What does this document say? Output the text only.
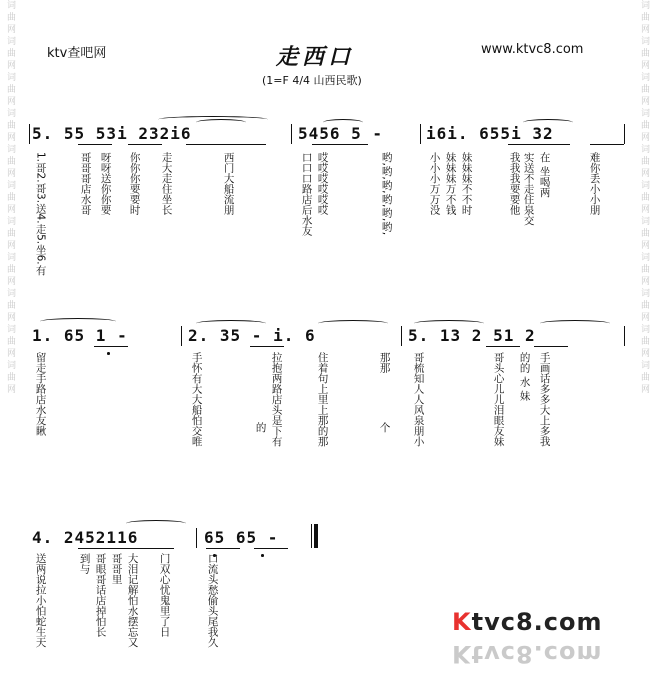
词曲网词曲网词曲网词曲网词曲网词曲网词曲网词曲网词曲网词曲网词曲网	词曲网词曲网词曲网词曲网词曲网词曲网词曲网词曲网词曲网词曲网词曲网
ktv查吧网	www.ktvc8.com
走西口
(1=F 4/4 山西民歌)
5. 55 53i 232i6	5456 5 -	i6i. 655i 32
1.哥2.哥3.送4.走5.坐6.有	哥哥哥店水哥 呀呀送你你要 你你你要要时 走大走住坐长	西门大船流朋	口口口路店后水友 哎哎哎哎哎哎	哟,哟,哟,哟,哟,哟,	小小小万万没 妹妹妹万不钱 妹妹妹不不时	我我我要要他 实送不走住泉交 在 坐喝两	难你丢小小朋
1. 65 1 -	2. 35 - i. 6	5. 13 2 51 2
留走手路店水友瞅	手怀有大大船怕交唯	的 拉抱两路店头是下有	住着句上里上那的那	那那
个 哥梳知人人风泉朋小	哥头心儿儿泪眼友妹 的的 水 妹 手画话多多大上多我
4. 2452116	65 65 -
送两说拉小怕蛇生天	到与 哥眼哥话店掉怕长 哥哥里 大泪记解怕水摆忘又 门双心忧鬼里了日	口流头愁偷头尾我久	Ktvc8.com
Ktvc8.com
